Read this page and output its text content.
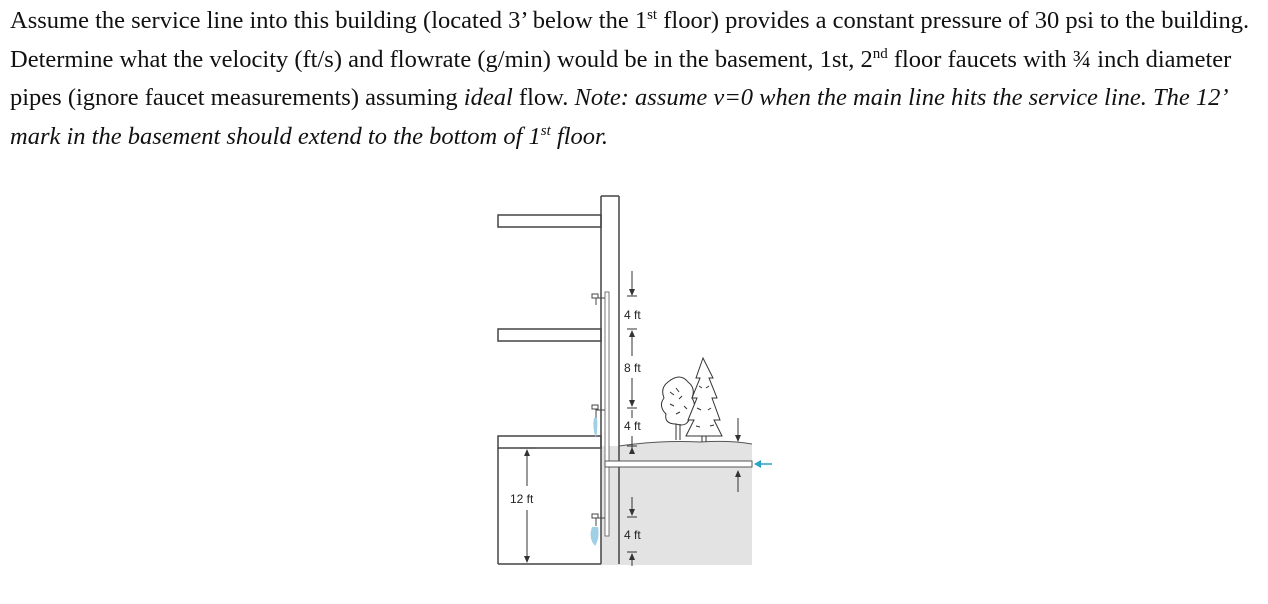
Assume the service line into this building (located 3’ below the 1st floor) provides a constant pressure of 30 psi to the building. Determine what the velocity (ft/s) and flowrate (g/min) would be in the basement, 1st, 2nd floor faucets with ¾ inch diameter pipes (ignore faucet measurements) assuming ideal flow. Note: assume v=0 when the main line hits the service line. The 12’ mark in the basement should extend to the bottom of 1st floor.
4 ft
8 ft
4 ft
4 ft
12 ft
